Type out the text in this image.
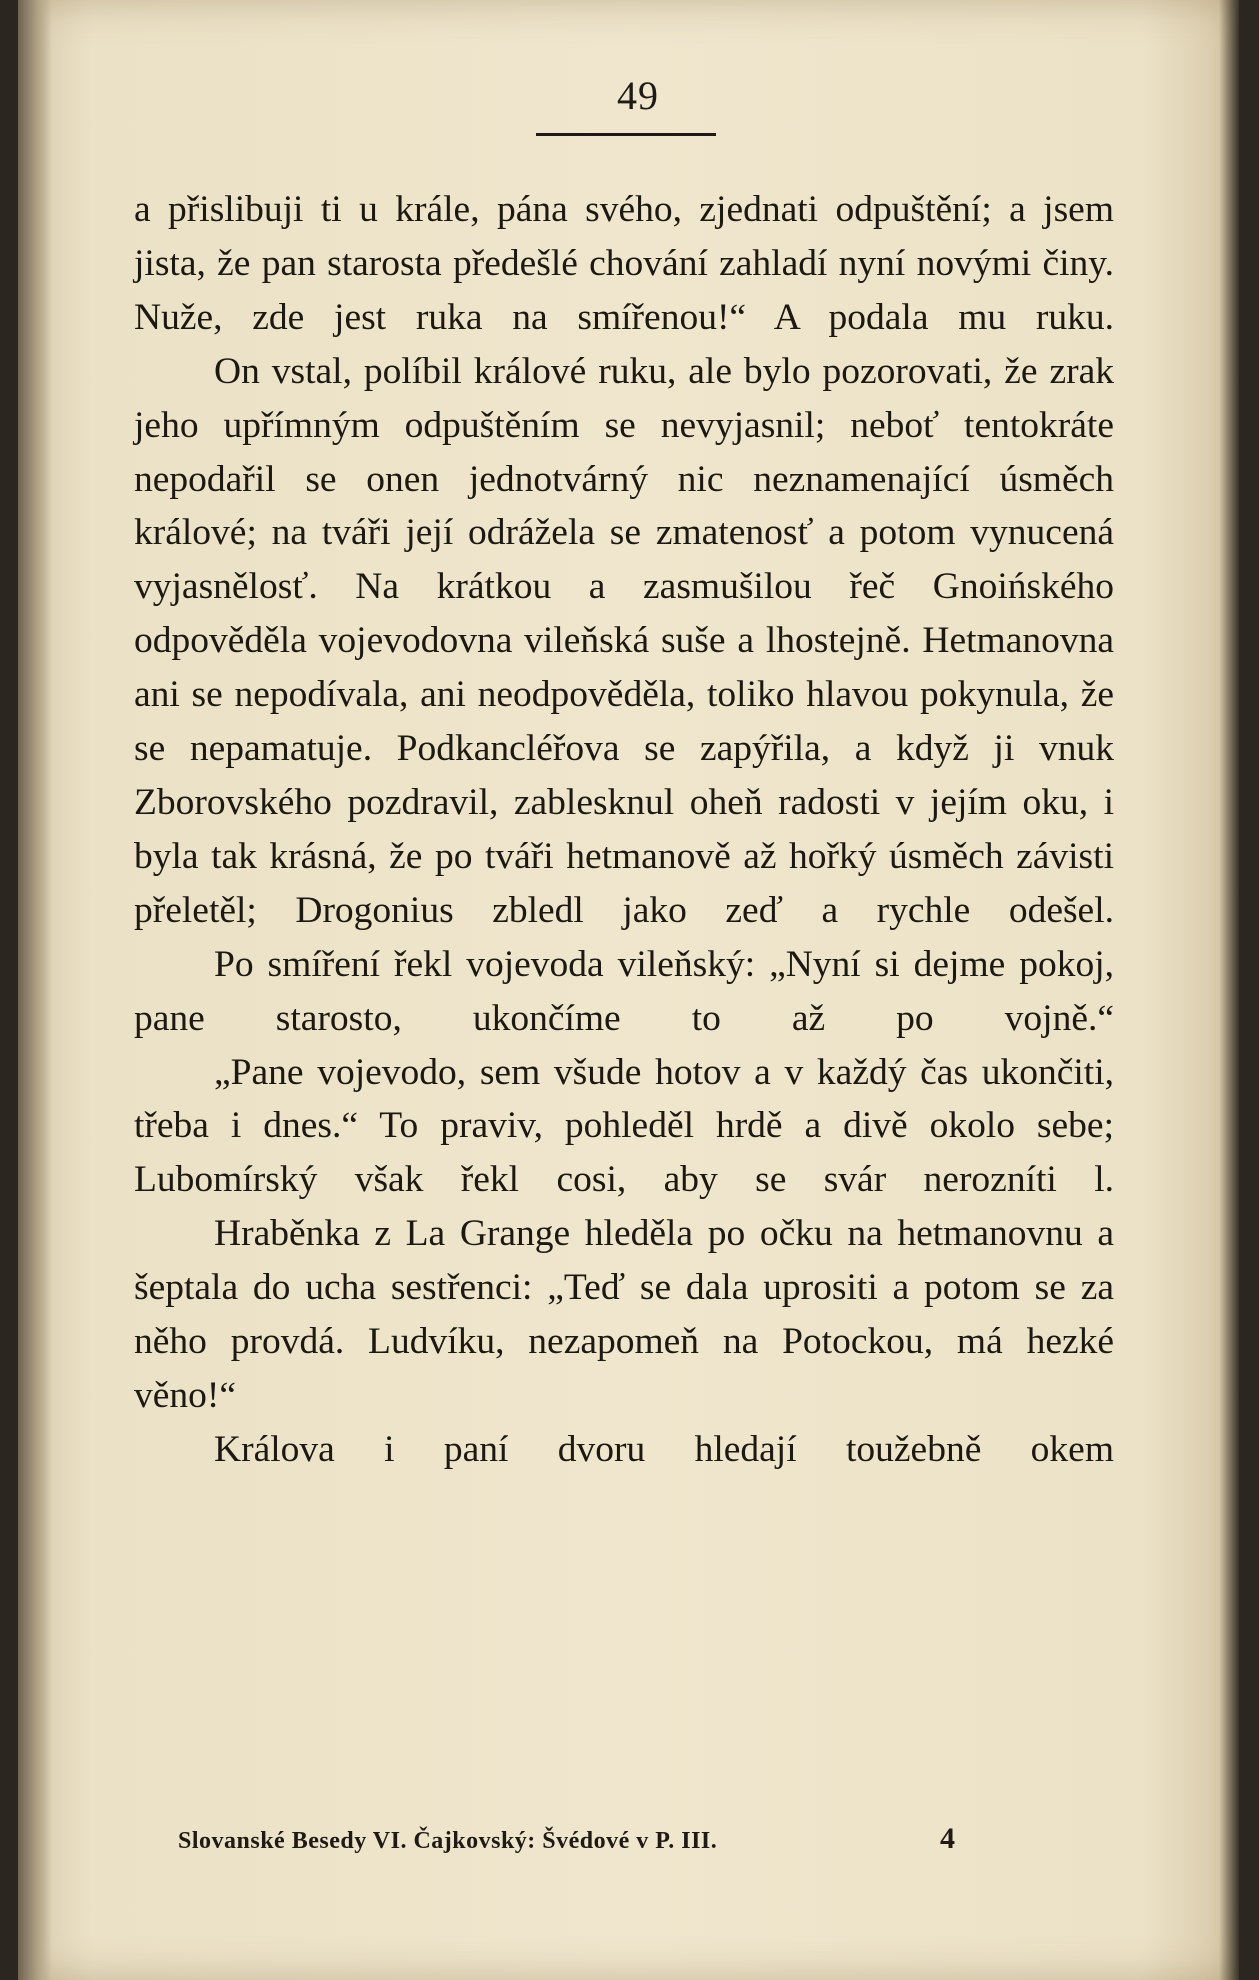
49

a přislibuji ti u krále, pána svého, zjednati odpuštění; a jsem jista, že pan starosta předešlé chování zahladí nyní novými činy. Nuže, zde jest ruka na smířenou!“ A podala mu ruku.

On vstal, políbil králové ruku, ale bylo pozorovati, že zrak jeho upřímným odpuštěním se nevyjasnil; neboť tentokráte nepodařil se onen jednotvárný nic neznamenající úsměch králové; na tváři její odrážela se zmatenosť a potom vynucená vyjasnělosť. Na krátkou a zasmušilou řeč Gnoińského odpověděla vojevodovna vileňská suše a lhostejně. Hetmanovna ani se nepodívala, ani neodpověděla, toliko hlavou pokynula, že se nepamatuje. Podkancléřova se zapýřila, a když ji vnuk Zborovského pozdravil, zablesknul oheň radosti v jejím oku, i byla tak krásná, že po tváři hetmanově až hořký úsměch závisti přeletěl; Drogonius zbledl jako zeď a rychle odešel.

Po smíření řekl vojevoda vileňský: „Nyní si dejme pokoj, pane starosto, ukončíme to až po vojně.“

„Pane vojevodo, sem všude hotov a v každý čas ukončiti, třeba i dnes.“ To praviv, pohleděl hrdě a divě okolo sebe; Lubomírský však řekl cosi, aby se svár nerozníti l.

Hraběnka z La Grange hleděla po očku na hetmanovnu a šeptala do ucha sestřenci: „Teď se dala uprositi a potom se za něho provdá. Ludvíku, nezapomeň na Potockou, má hezké věno!“

Králova i paní dvoru hledají toužebně okem

Slovanské Besedy VI. Čajkovský: Švédové v P. III.	4
